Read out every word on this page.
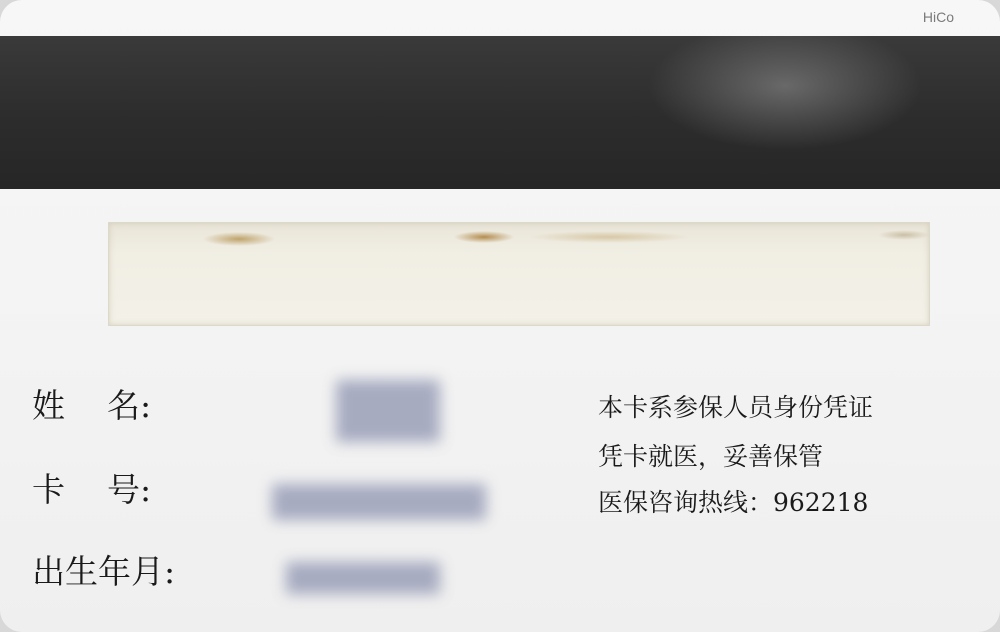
HiCo
姓    名:
卡    号:
出生年月:
本卡系参保人员身份凭证
凭卡就医，妥善保管
医保咨询热线：962218
